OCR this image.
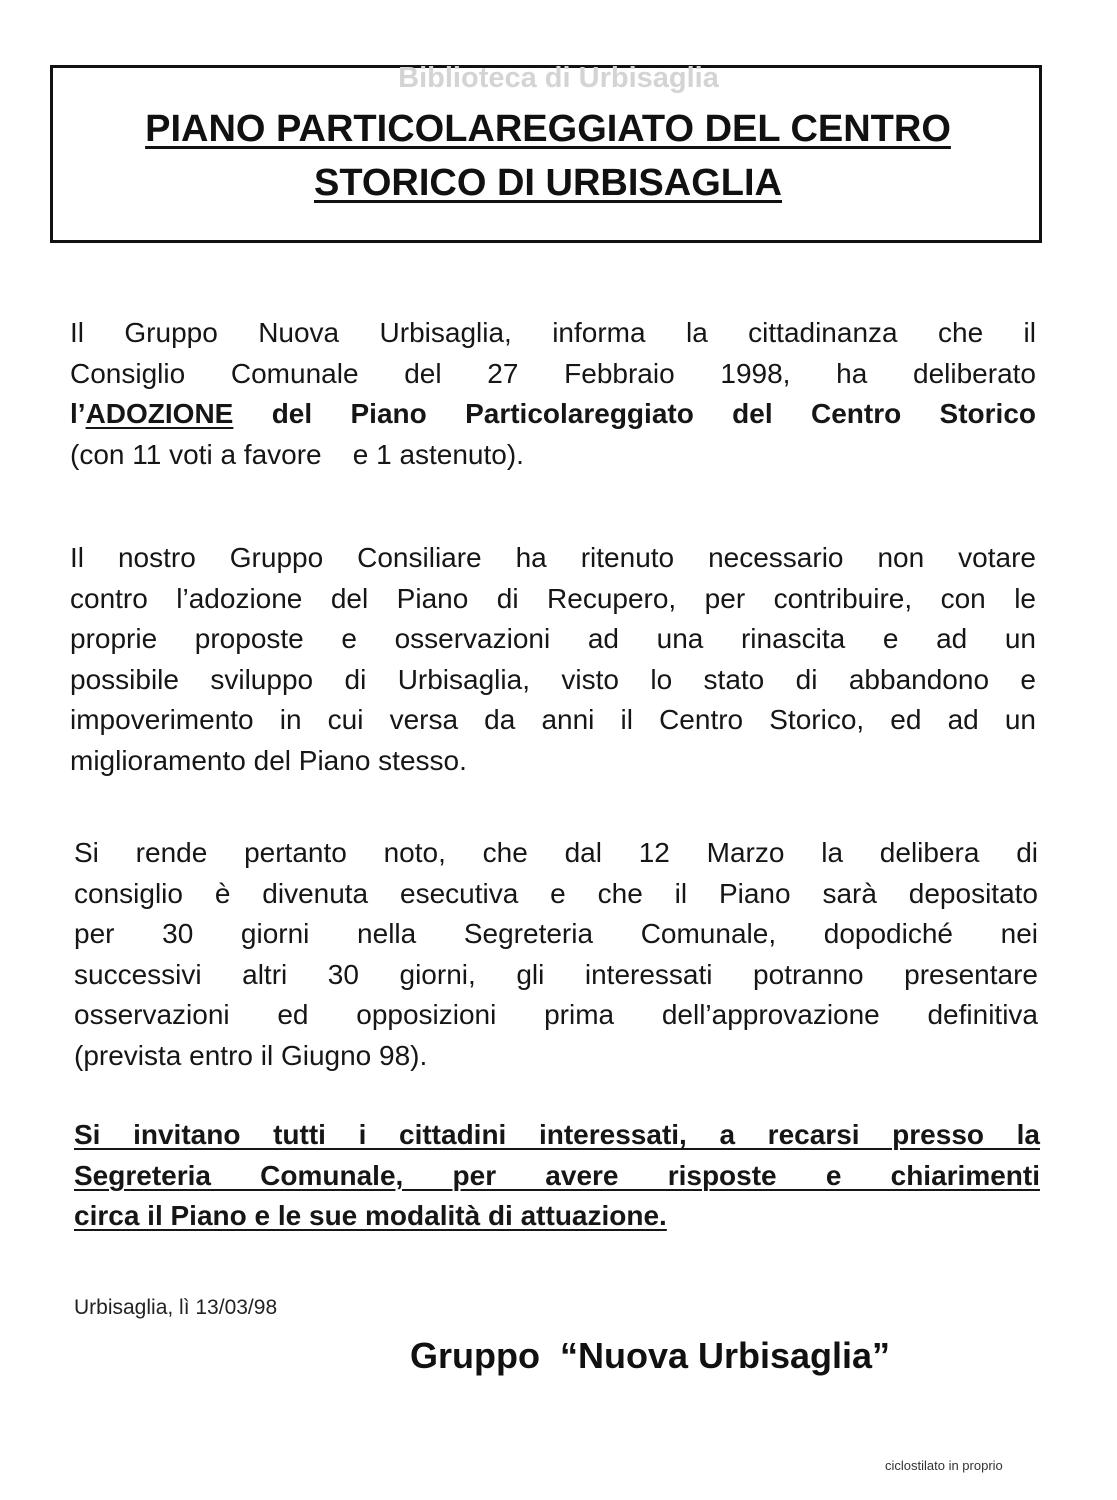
Biblioteca di Urbisaglia
PIANO PARTICOLAREGGIATO DEL CENTRO
STORICO DI URBISAGLIA
Il Gruppo Nuova Urbisaglia, informa la cittadinanza che il
Consiglio Comunale del 27 Febbraio 1998, ha deliberato
l’ADOZIONE del Piano Particolareggiato del Centro Storico
(con 11 voti a favore    e 1 astenuto).
Il nostro Gruppo Consiliare ha ritenuto necessario non votare
contro l’adozione del Piano di Recupero, per contribuire, con le
proprie proposte e osservazioni ad una rinascita e ad un
possibile sviluppo di Urbisaglia, visto lo stato di abbandono e
impoverimento in cui versa da anni il Centro Storico, ed ad un
miglioramento del Piano stesso.
Si rende pertanto noto, che dal 12 Marzo la delibera di
consiglio è divenuta esecutiva e che il Piano sarà depositato
per 30 giorni nella Segreteria Comunale, dopodiché nei
successivi altri 30 giorni, gli interessati potranno presentare
osservazioni ed opposizioni prima dell’approvazione definitiva
(prevista entro il Giugno 98).
Si invitano tutti i cittadini interessati, a recarsi presso la
Segreteria Comunale, per avere risposte e chiarimenti
circa il Piano e le sue modalità di attuazione.
Urbisaglia, lì 13/03/98
Gruppo  “Nuova Urbisaglia”
ciclostilato in proprio
